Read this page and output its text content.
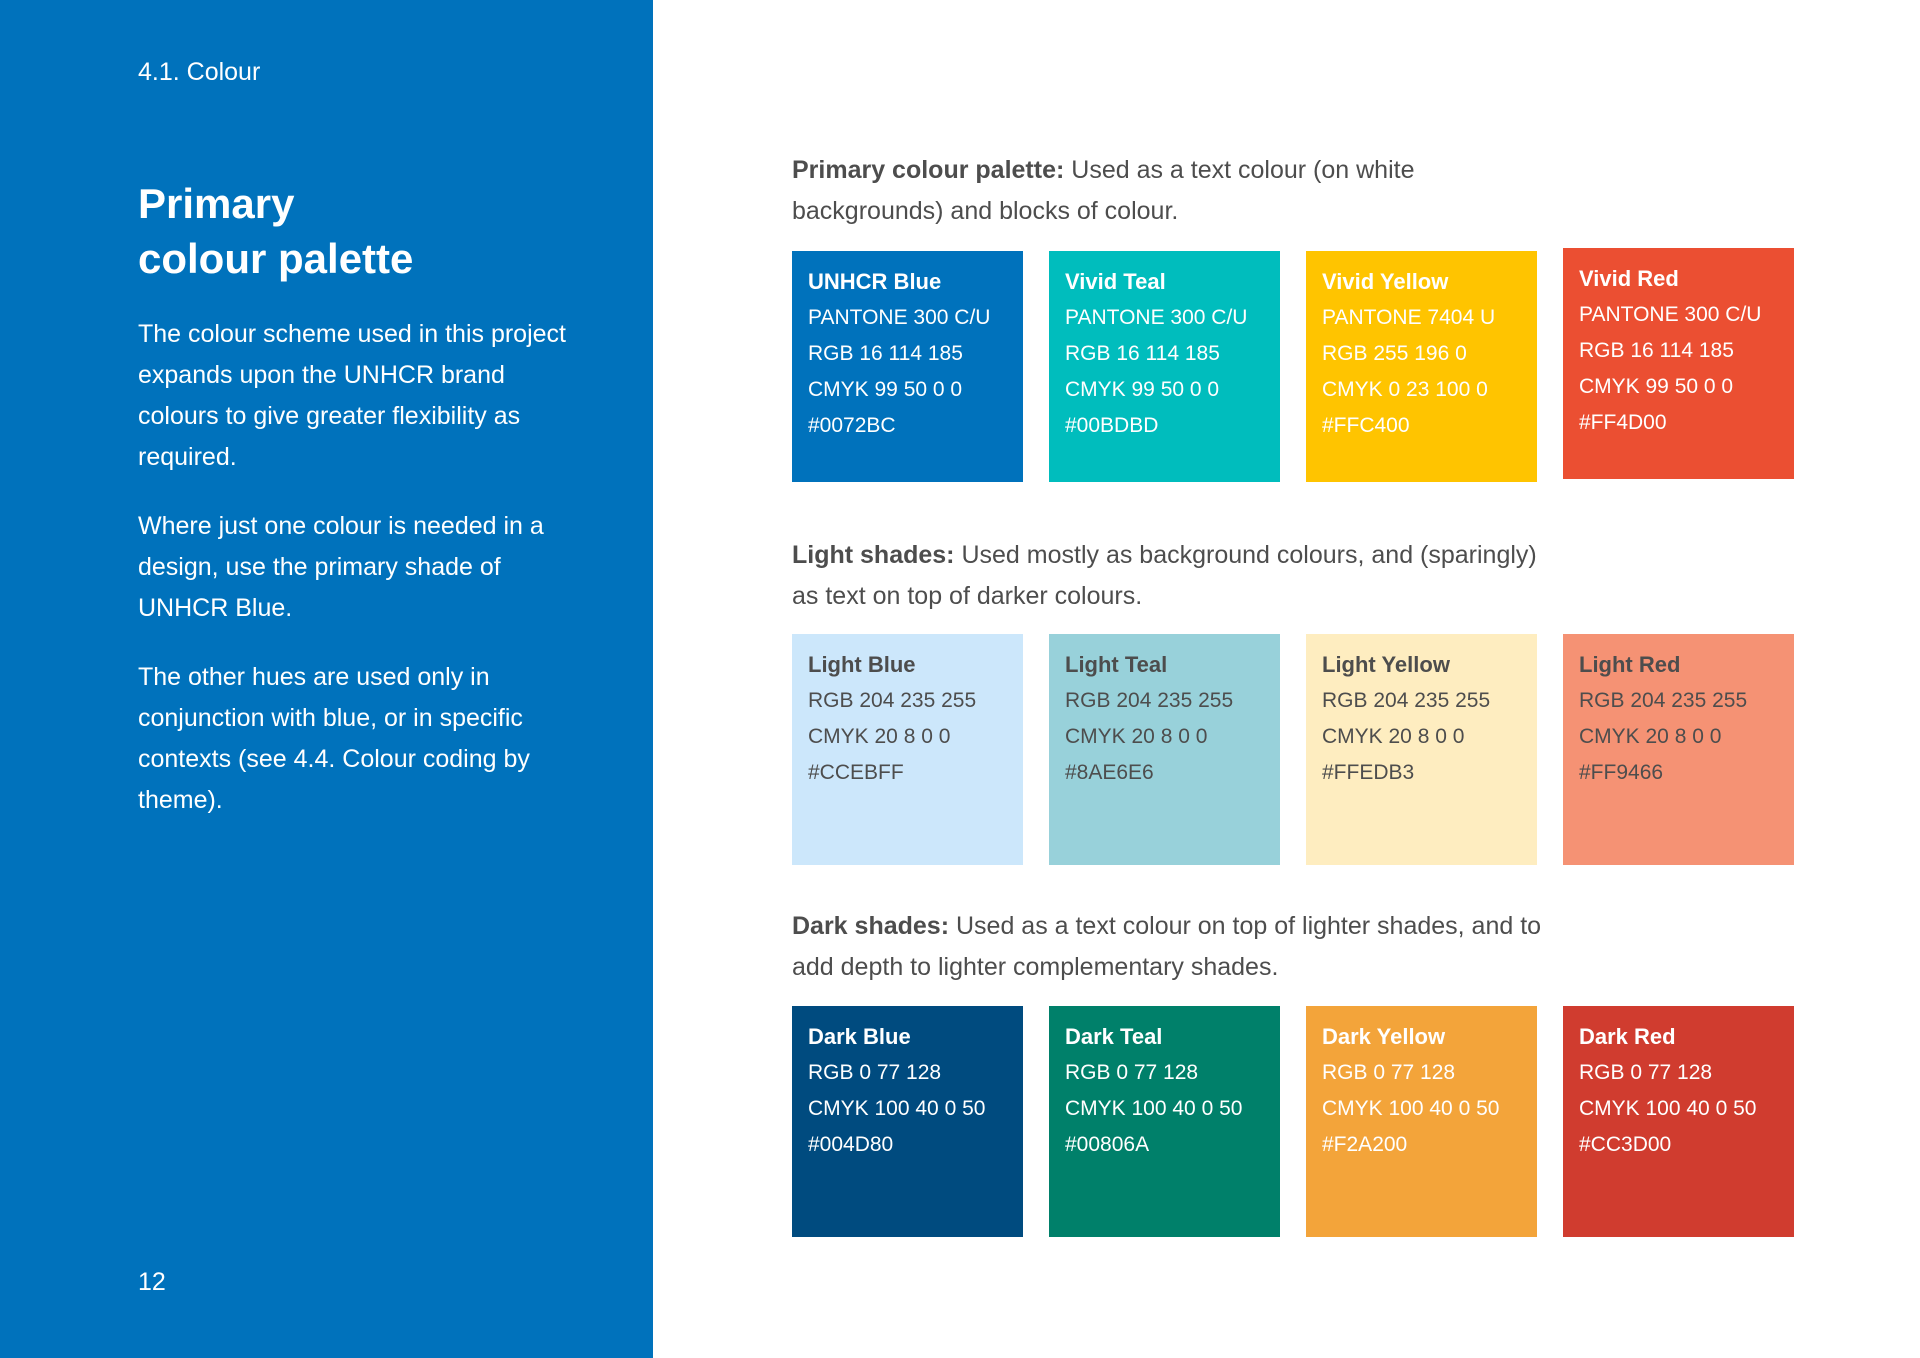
4.1. Colour
Primary
colour palette

The colour scheme used in this project expands upon the UNHCR brand colours to give greater flexibility as required.

Where just one colour is needed in a design, use the primary shade of UNHCR Blue.

The other hues are used only in conjunction with blue, or in specific contexts (see 4.4. Colour coding by theme).

12

Primary colour palette: Used as a text colour (on white backgrounds) and blocks of colour.

UNHCR Blue
PANTONE 300 C/U
RGB 16 114 185
CMYK 99 50 0 0
#0072BC
Vivid Teal
PANTONE 300 C/U
RGB 16 114 185
CMYK 99 50 0 0
#00BDBD
Vivid Yellow
PANTONE 7404 U
RGB 255 196 0
CMYK 0 23 100 0
#FFC400
Vivid Red
PANTONE 300 C/U
RGB 16 114 185
CMYK 99 50 0 0
#FF4D00

Light shades: Used mostly as background colours, and (sparingly) as text on top of darker colours.

Light Blue
RGB 204 235 255
CMYK 20 8 0 0
#CCEBFF
Light Teal
RGB 204 235 255
CMYK 20 8 0 0
#8AE6E6
Light Yellow
RGB 204 235 255
CMYK 20 8 0 0
#FFEDB3
Light Red
RGB 204 235 255
CMYK 20 8 0 0
#FF9466

Dark shades: Used as a text colour on top of lighter shades, and to add depth to lighter complementary shades.

Dark Blue
RGB 0 77 128
CMYK 100 40 0 50
#004D80
Dark Teal
RGB 0 77 128
CMYK 100 40 0 50
#00806A
Dark Yellow
RGB 0 77 128
CMYK 100 40 0 50
#F2A200
Dark Red
RGB 0 77 128
CMYK 100 40 0 50
#CC3D00
